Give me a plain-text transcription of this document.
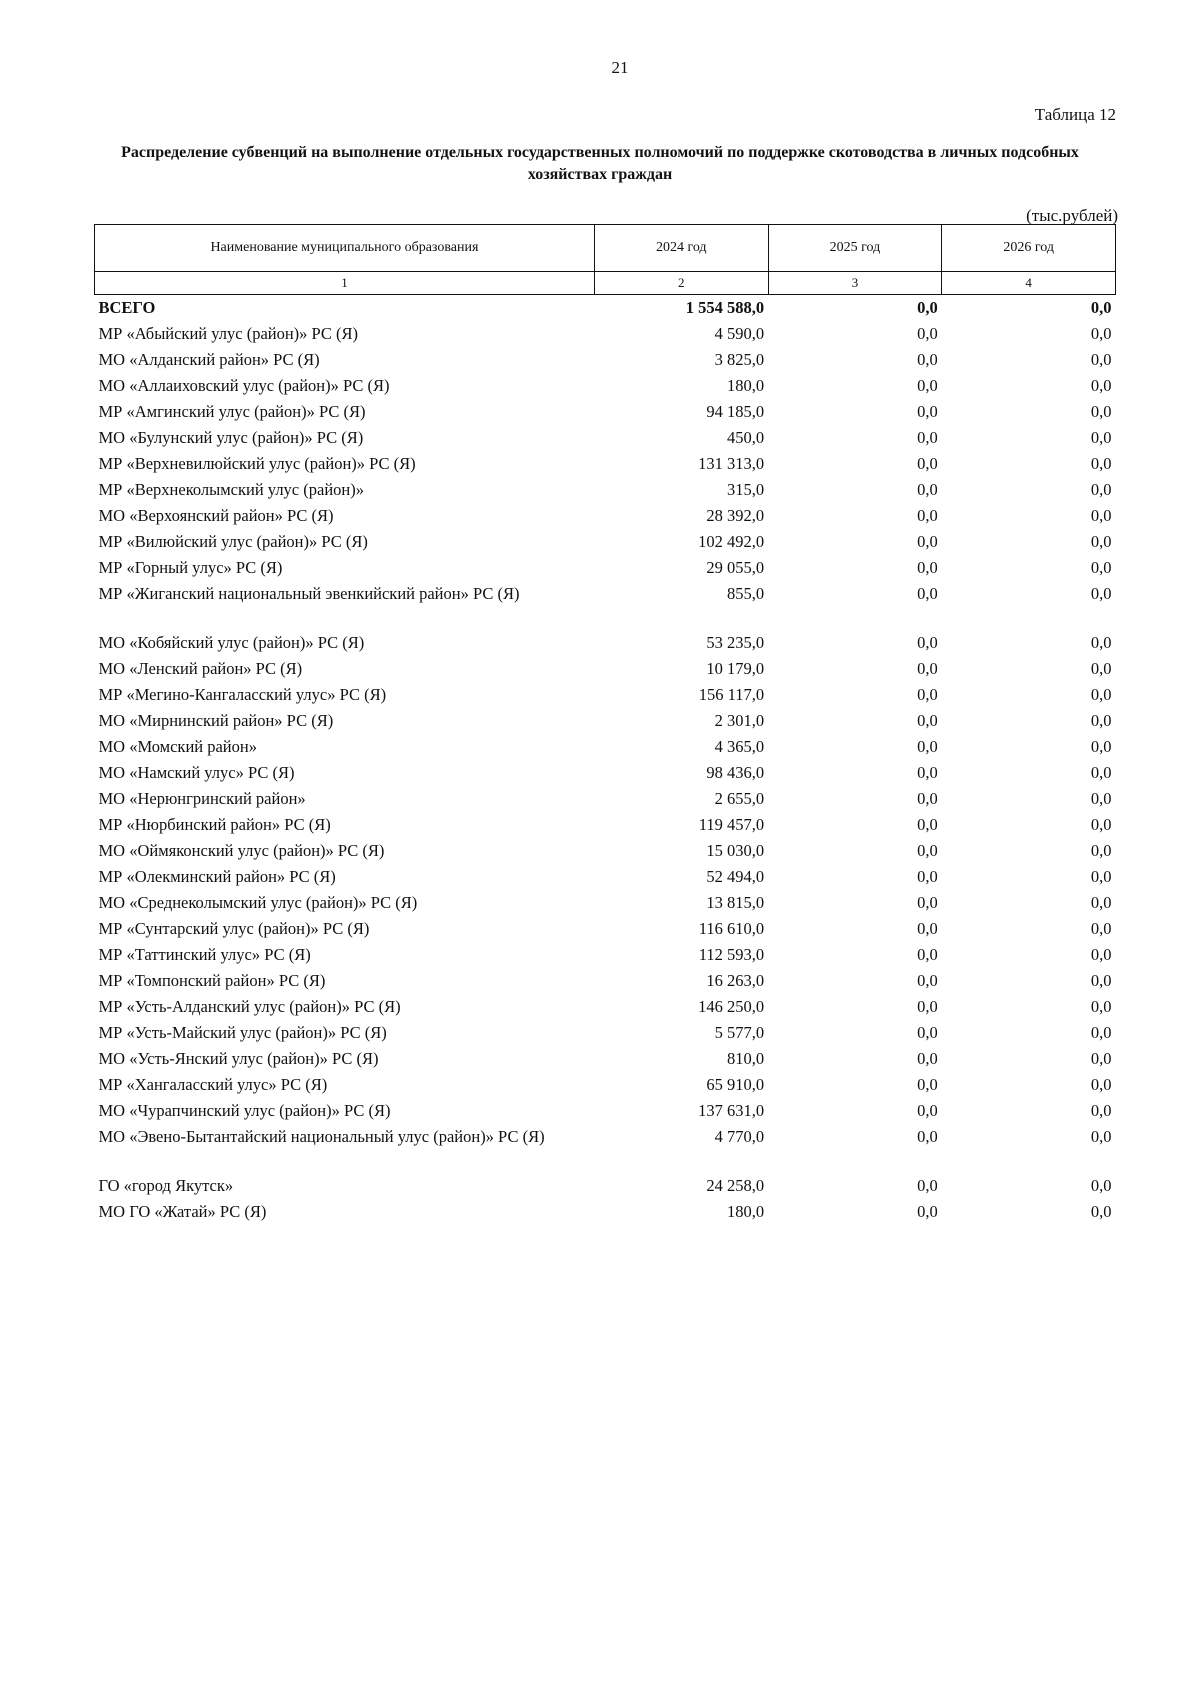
21
Таблица 12
Распределение субвенций на выполнение отдельных государственных полномочий по поддержке скотоводства в личных подсобных хозяйствах граждан
(тыс.рублей)
Наименование муниципального образования	2024 год	2025 год	2026 год
1	2	3	4
ВСЕГО	1 554 588,0	0,0	0,0
МР «Абыйский улус (район)» РС (Я)	4 590,0	0,0	0,0
МО «Алданский район» РС (Я)	3 825,0	0,0	0,0
МО «Аллаиховский улус (район)» РС (Я)	180,0	0,0	0,0
МР «Амгинский улус (район)» РС (Я)	94 185,0	0,0	0,0
МО «Булунский улус (район)» РС (Я)	450,0	0,0	0,0
МР «Верхневилюйский улус (район)» РС (Я)	131 313,0	0,0	0,0
МР «Верхнеколымский улус (район)»	315,0	0,0	0,0
МО «Верхоянский район» РС (Я)	28 392,0	0,0	0,0
МР «Вилюйский улус (район)» РС (Я)	102 492,0	0,0	0,0
МР «Горный улус» РС (Я)	29 055,0	0,0	0,0
МР «Жиганский национальный эвенкийский район» РС (Я)	855,0	0,0	0,0

МО «Кобяйский улус (район)» РС (Я)	53 235,0	0,0	0,0
МО «Ленский район» РС (Я)	10 179,0	0,0	0,0
МР «Мегино-Кангаласский улус» РС (Я)	156 117,0	0,0	0,0
МО «Мирнинский район» РС (Я)	2 301,0	0,0	0,0
МО «Момский район»	4 365,0	0,0	0,0
МО «Намский улус» РС (Я)	98 436,0	0,0	0,0
МО «Нерюнгринский район»	2 655,0	0,0	0,0
МР «Нюрбинский район» РС (Я)	119 457,0	0,0	0,0
МО «Оймяконский улус (район)» РС (Я)	15 030,0	0,0	0,0
МР «Олекминский район» РС (Я)	52 494,0	0,0	0,0
МО «Среднеколымский улус (район)» РС (Я)	13 815,0	0,0	0,0
МР «Сунтарский улус (район)» РС (Я)	116 610,0	0,0	0,0
МР «Таттинский улус» РС (Я)	112 593,0	0,0	0,0
МР «Томпонский район» РС (Я)	16 263,0	0,0	0,0
МР «Усть-Алданский улус (район)» РС (Я)	146 250,0	0,0	0,0
МР «Усть-Майский улус (район)» РС (Я)	5 577,0	0,0	0,0
МО «Усть-Янский улус (район)» РС (Я)	810,0	0,0	0,0
МР «Хангаласский улус» РС (Я)	65 910,0	0,0	0,0
МО «Чурапчинский улус (район)» РС (Я)	137 631,0	0,0	0,0
МО «Эвено-Бытантайский национальный улус (район)» РС (Я)	4 770,0	0,0	0,0

ГО «город Якутск»	24 258,0	0,0	0,0
МО ГО «Жатай» РС (Я)	180,0	0,0	0,0
